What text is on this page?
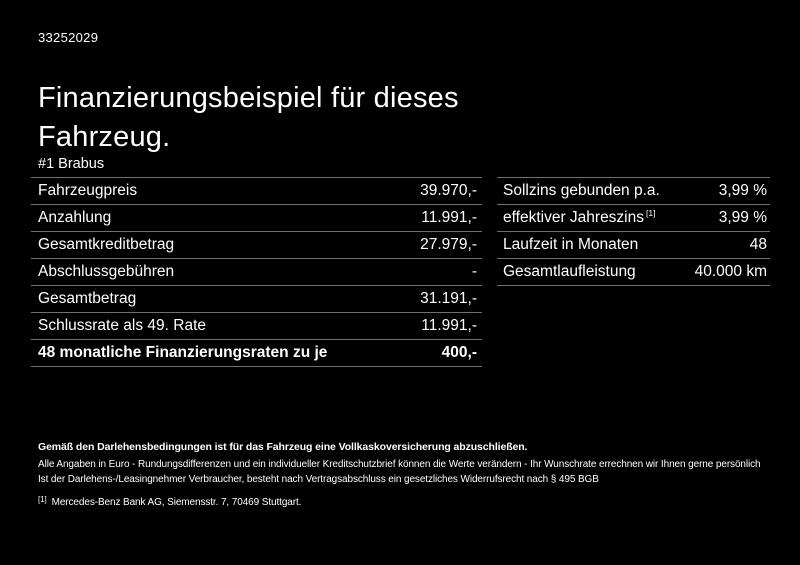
33252029
Finanzierungsbeispiel für dieses Fahrzeug.
#1 Brabus
Fahrzeugpreis	39.970,-
Anzahlung	11.991,-
Gesamtkreditbetrag	27.979,-
Abschlussgebühren	-
Gesamtbetrag	31.191,-
Schlussrate als 49. Rate	11.991,-
48 monatliche Finanzierungsraten zu je	400,-
Sollzins gebunden p.a.	3,99 %
effektiver Jahreszins [1]	3,99 %
Laufzeit in Monaten	48
Gesamtlaufleistung	40.000 km
Gemäß den Darlehensbedingungen ist für das Fahrzeug eine Vollkaskoversicherung abzuschließen.
Alle Angaben in Euro - Rundungsdifferenzen und ein individueller Kreditschutzbrief können die Werte verändern - Ihr Wunschrate errechnen wir Ihnen gerne persönlich
Ist der Darlehens-/Leasingnehmer Verbraucher, besteht nach Vertragsabschluss ein gesetzliches Widerrufsrecht nach § 495 BGB
[1] Mercedes-Benz Bank AG, Siemensstr. 7, 70469 Stuttgart.
